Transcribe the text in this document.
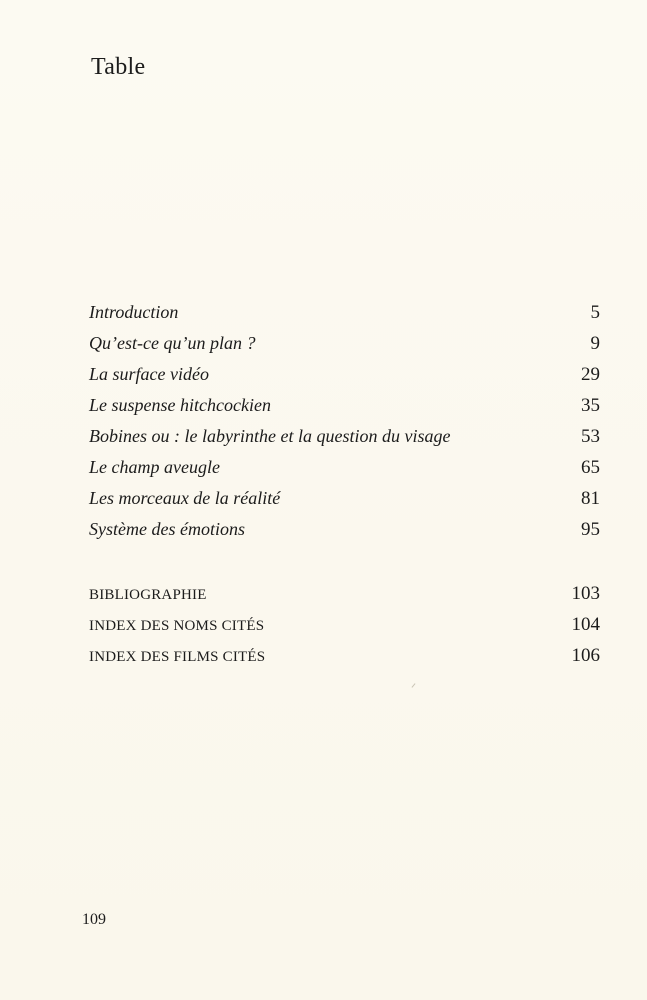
Table
Introduction	5
Qu’est-ce qu’un plan ?	9
La surface vidéo	29
Le suspense hitchcockien	35
Bobines ou : le labyrinthe et la question du visage	53
Le champ aveugle	65
Les morceaux de la réalité	81
Système des émotions	95
BIBLIOGRAPHIE	103
INDEX DES NOMS CITÉS	104
INDEX DES FILMS CITÉS	106
109
